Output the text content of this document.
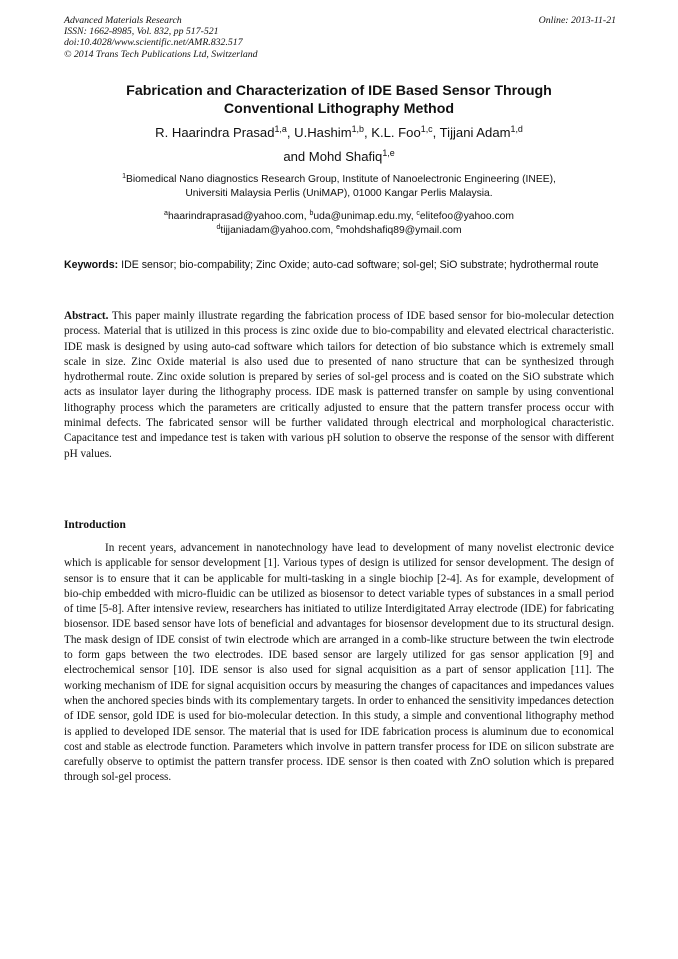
Advanced Materials Research
ISSN: 1662-8985, Vol. 832, pp 517-521
doi:10.4028/www.scientific.net/AMR.832.517
© 2014 Trans Tech Publications Ltd, Switzerland
Online: 2013-11-21
Fabrication and Characterization of IDE Based Sensor Through
Conventional Lithography Method
R. Haarindra Prasad$^{1,a}$, U.Hashim$^{1,b}$, K.L. Foo$^{1,c}$, Tijjani Adam$^{1,d}$
and Mohd Shafiq$^{1,e}$
$^1$Biomedical Nano diagnostics Research Group, Institute of Nanoelectronic Engineering (INEE),
Universiti Malaysia Perlis (UniMAP), 01000 Kangar Perlis Malaysia.
$^a$haarindraprasad@yahoo.com, $^b$uda@unimap.edu.my, $^c$elitefoo@yahoo.com
$^d$tijjaniadam@yahoo.com, $^e$mohdshafiq89@ymail.com
Keywords: IDE sensor; bio-compability; Zinc Oxide; auto-cad software; sol-gel; SiO substrate; hydrothermal route
Abstract. This paper mainly illustrate regarding the fabrication process of IDE based sensor for bio-molecular detection process. Material that is utilized in this process is zinc oxide due to bio-compability and elevated electrical characteristic. IDE mask is designed by using auto-cad software which tailors for detection of bio substance which is extremely small scale in size. Zinc Oxide material is also used due to presented of nano structure that can be synthesized through hydrothermal route. Zinc oxide solution is prepared by series of sol-gel process and is coated on the SiO substrate which acts as insulator layer during the lithography process. IDE mask is patterned transfer on sample by using conventional lithography process which the parameters are critically adjusted to ensure that the pattern transfer process occur with minimal defects. The fabricated sensor will be further validated through electrical and morphological characteristic. Capacitance test and impedance test is taken with various pH solution to observe the response of the sensor with different pH values.
Introduction
In recent years, advancement in nanotechnology have lead to development of many novelist electronic device which is applicable for sensor development [1]. Various types of design is utilized for sensor development. The design of sensor is to ensure that it can be applicable for multi-tasking in a single biochip [2-4]. As for example, development of bio-chip embedded with micro-fluidic can be utilized as biosensor to detect variable types of substances in a small period of time [5-8]. After intensive review, researchers has initiated to utilize Interdigitated Array electrode (IDE) for fabricating biosensor. IDE based sensor have lots of beneficial and advantages for biosensor development due to its structural design. The mask design of IDE consist of twin electrode which are arranged in a comb-like structure between the twin electrode to form gaps between the two electrodes. IDE based sensor are largely utilized for gas sensor application [9] and electrochemical sensor [10]. IDE sensor is also used for signal acquisition as a part of sensor application [11]. The working mechanism of IDE for signal acquisition occurs by measuring the changes of capacitances and impedances values when the anchored species binds with its complementary targets. In order to enhanced the sensitivity impedances detection of IDE sensor, gold IDE is used for bio-molecular detection. In this study, a simple and conventional lithography method is applied to developed IDE sensor. The material that is used for IDE fabrication process is aluminum due to economical cost and stable as electrode function. Parameters which involve in pattern transfer process for IDE on silicon substrate are carefully observe to optimist the pattern transfer process. IDE sensor is then coated with ZnO solution which is prepared through sol-gel process.
